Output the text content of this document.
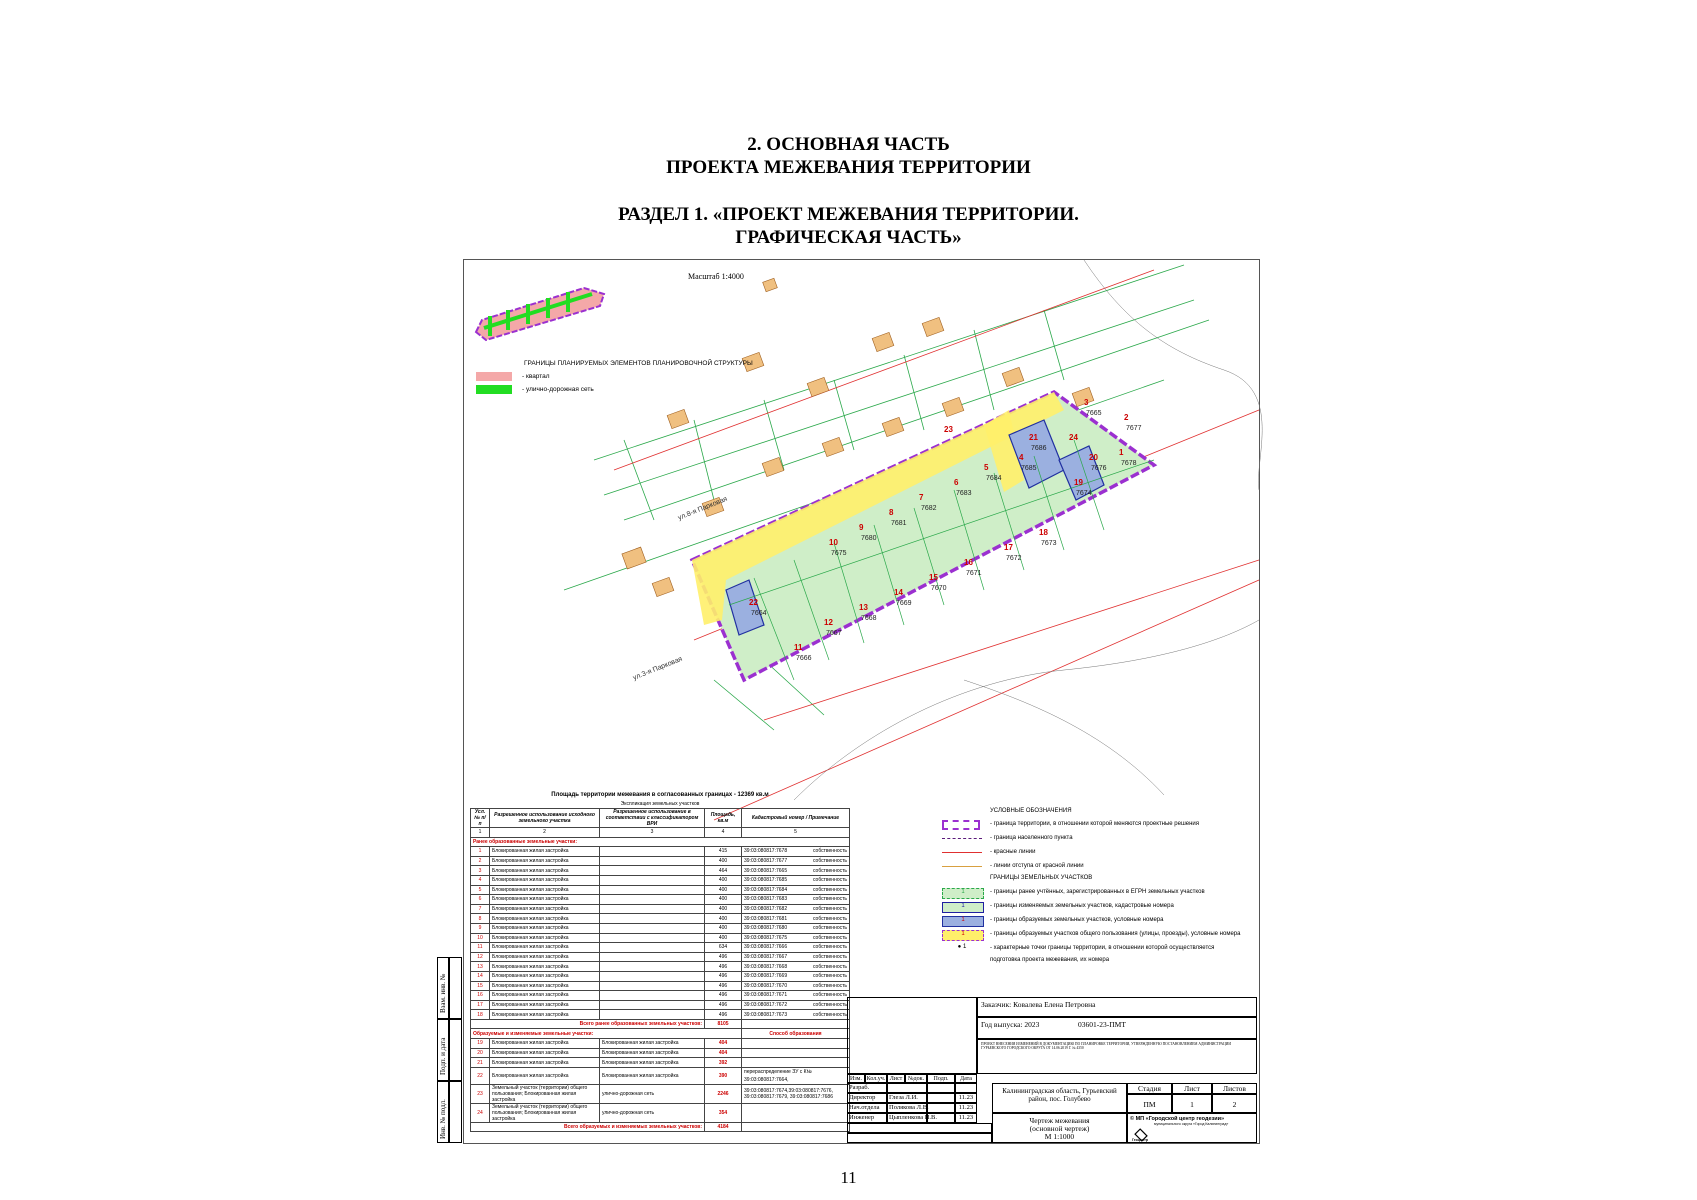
2. ОСНОВНАЯ ЧАСТЬ
ПРОЕКТА МЕЖЕВАНИЯ ТЕРРИТОРИИ
РАЗДЕЛ 1. «ПРОЕКТ МЕЖЕВАНИЯ ТЕРРИТОРИИ.
ГРАФИЧЕСКАЯ ЧАСТЬ»
1
7678
2
7677
3
7665
4
7685
5
7684
6
7683
7
7682
8
7681
9
7680
10
7675
11
7666
12
7667
13
7668
14
7669
15
7670
16
7671
17
7672
18
7673
19
7674
20
7676
21
7686
22
7664
23
24
ул.8-я Парковая
ул.3-я Парковая
Масштаб 1:4000
ГРАНИЦЫ ПЛАНИРУЕМЫХ ЭЛЕМЕНТОВ ПЛАНИРОВОЧНОЙ СТРУКТУРЫ
- квартал
- улично-дорожная сеть
Площадь территории межевания в согласованных границах - 12369 кв.м
Экспликация земельных участков				
Усл. № п/п	Разрешенное использование исходного земельного участка	Разрешенное использование в соответствии с классификатором ВРИ	Площадь, кв.м	Кадастровый номер / Примечание
1	2	3	4	5
Ранее образованные земельные участки:				
1	Блокированная жилая застройка		415	39:03:080817:7678 собственность

2	Блокированная жилая застройка		400	39:03:080817:7677 собственность

3	Блокированная жилая застройка		464	39:03:080817:7665 собственность

4	Блокированная жилая застройка		400	39:03:080817:7685 собственность

5	Блокированная жилая застройка		400	39:03:080817:7684 собственность

6	Блокированная жилая застройка		400	39:03:080817:7683 собственность

7	Блокированная жилая застройка		400	39:03:080817:7682 собственность

8	Блокированная жилая застройка		400	39:03:080817:7681 собственность

9	Блокированная жилая застройка		400	39:03:080817:7680 собственность

10	Блокированная жилая застройка		400	39:03:080817:7675 собственность

11	Блокированная жилая застройка		634	39:03:080817:7666 собственность

12	Блокированная жилая застройка		496	39:03:080817:7667 собственность

13	Блокированная жилая застройка		496	39:03:080817:7668 собственность

14	Блокированная жилая застройка		496	39:03:080817:7669 собственность

15	Блокированная жилая застройка		496	39:03:080817:7670 собственность

16	Блокированная жилая застройка		496	39:03:080817:7671 собственность

17	Блокированная жилая застройка		496	39:03:080817:7672 собственность

18	Блокированная жилая застройка		496	39:03:080817:7673 собственность

Всего ранее образованных земельных участков:			8105	
Образуемые и изменяемые земельные участки:				Способ образования
19	Блокированная жилая застройка	Блокированная жилая застройка	404	
20	Блокированная жилая застройка	Блокированная жилая застройка	404	
21	Блокированная жилая застройка	Блокированная жилая застройка	392	
22	Блокированная жилая застройка	Блокированная жилая застройка	390	перераспределение ЗУ с К№ 39:03:080817:7664,
23	Земельный участок (территории) общего пользования; Блокированная жилая застройка	улично-дорожная сеть	2246	39:03:080817:7674,39:03:080817:7676, 39:03:080817:7679, 39:03:080817:7686
24	Земельный участок (территории) общего пользования; Блокированная жилая застройка	улично-дорожная сеть	354	
Всего образуемых и изменяемых земельных участков:			4184	
УСЛОВНЫЕ ОБОЗНАЧЕНИЯ
- граница территории, в отношении которой меняются проектные решения
- граница населенного пункта
- красные линии
- линии отступа от красной линии
ГРАНИЦЫ ЗЕМЕЛЬНЫХ УЧАСТКОВ
1	- границы ранее учтённых, зарегистрированных в ЕГРН земельных участков
1	- границы изменяемых земельных участков, кадастровые номера
1	- границы образуемых земельных участков, условные номера
1	- границы образуемых участков общего пользования (улицы, проезды), условные номера
● 1	- характерные точки границы территории, в отношении которой осуществляется
подготовка проекта межевания, их номера
Заказчик: Ковалева Елена Петровна
Год выпуска: 2023	03601-23-ПМТ
ПРОЕКТ ВНЕСЕНИЯ ИЗМЕНЕНИЙ В ДОКУМЕНТАЦИЮ ПО ПЛАНИРОВКЕ ТЕРРИТОРИИ, УТВЕРЖДЕННУЮ ПОСТАНОВЛЕНИЕМ АДМИНИСТРАЦИИ ГУРЬЕВСКОГО ГОРОДСКОГО ОКРУГА ОТ 14.06.2019 Г. № 4350
Калининградская область, Гурьевский район, пос. Голубево
Стадия	Лист	Листов
ПМ	1	2
Чертеж межевания
(основной чертеж)
М 1:1000
© МП «Городской центр геодезии»
муниципального округа «Город Калининград»
Геоцентр
Изм. Кол.уч. Лист №док.	Подп.	Дата
Разраб.
Директор	Глеза Л.И.	11.23
Нач.отдела	Полякова Л.В.	11.23
Инженер	Цыпленкова Н.В.	11.23
Взам. инв. №
Подп. и дата
Инв. № подл.
11
